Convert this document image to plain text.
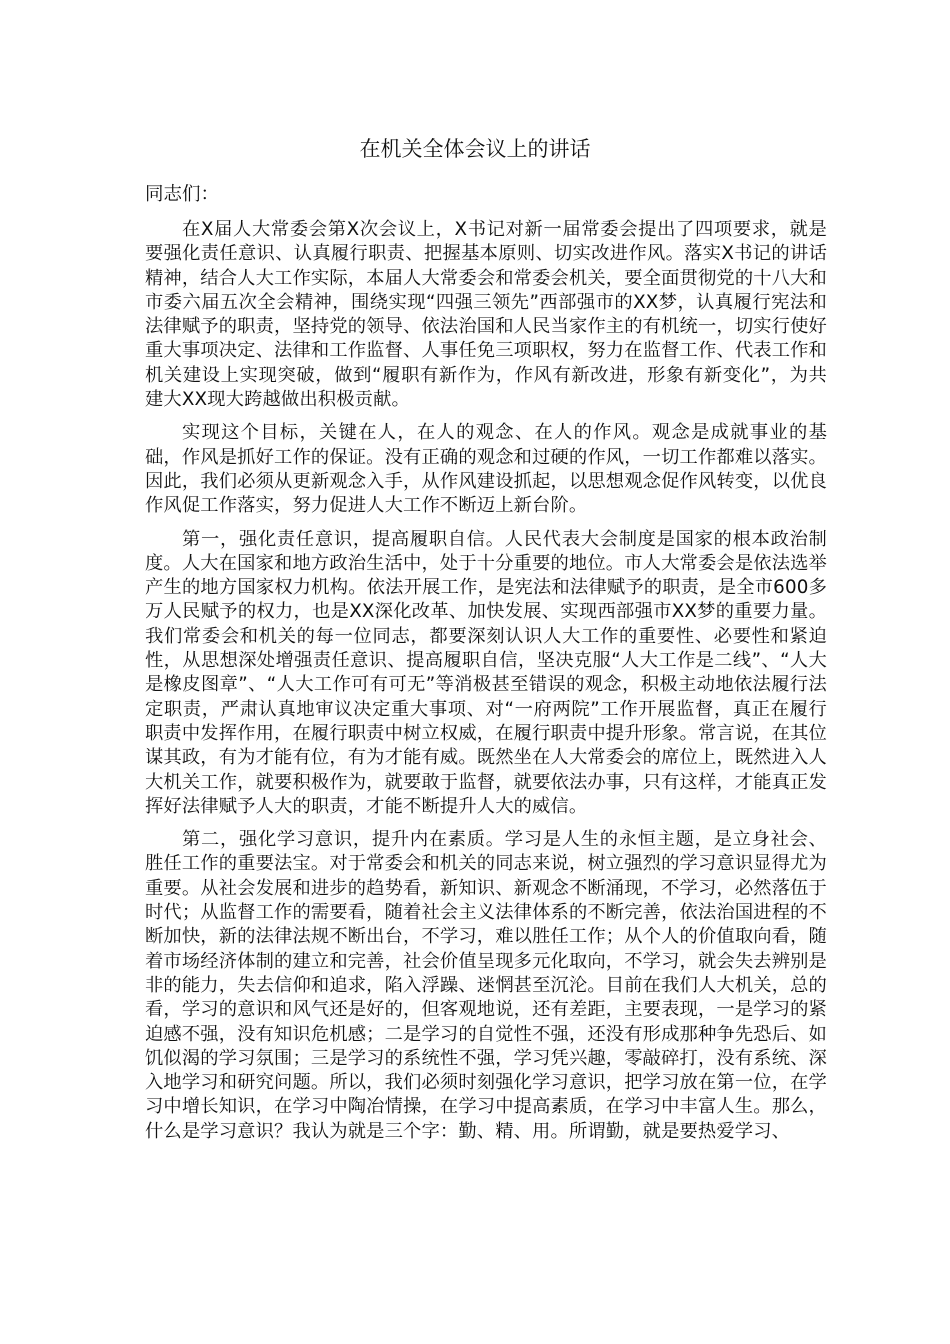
在机关全体会议上的讲话

同志们：

在X届人大常委会第X次会议上，X书记对新一届常委会提出了四项要求，就是要强化责任意识、认真履行职责、把握基本原则、切实改进作风。落实X书记的讲话精神，结合人大工作实际，本届人大常委会和常委会机关，要全面贯彻党的十八大和市委六届五次全会精神，围绕实现“四强三领先”西部强市的XX梦，认真履行宪法和法律赋予的职责，坚持党的领导、依法治国和人民当家作主的有机统一，切实行使好重大事项决定、法律和工作监督、人事任免三项职权，努力在监督工作、代表工作和机关建设上实现突破，做到“履职有新作为，作风有新改进，形象有新变化”，为共建大XX现大跨越做出积极贡献。

实现这个目标，关键在人，在人的观念、在人的作风。观念是成就事业的基础，作风是抓好工作的保证。没有正确的观念和过硬的作风，一切工作都难以落实。因此，我们必须从更新观念入手，从作风建设抓起，以思想观念促作风转变，以优良作风促工作落实，努力促进人大工作不断迈上新台阶。

第一，强化责任意识，提高履职自信。人民代表大会制度是国家的根本政治制度。人大在国家和地方政治生活中，处于十分重要的地位。市人大常委会是依法选举产生的地方国家权力机构。依法开展工作，是宪法和法律赋予的职责，是全市600多万人民赋予的权力，也是XX深化改革、加快发展、实现西部强市XX梦的重要力量。我们常委会和机关的每一位同志，都要深刻认识人大工作的重要性、必要性和紧迫性，从思想深处增强责任意识、提高履职自信，坚决克服“人大工作是二线”、“人大是橡皮图章”、“人大工作可有可无”等消极甚至错误的观念，积极主动地依法履行法定职责，严肃认真地审议决定重大事项、对“一府两院”工作开展监督，真正在履行职责中发挥作用，在履行职责中树立权威，在履行职责中提升形象。常言说，在其位谋其政，有为才能有位，有为才能有威。既然坐在人大常委会的席位上，既然进入人大机关工作，就要积极作为，就要敢于监督，就要依法办事，只有这样，才能真正发挥好法律赋予人大的职责，才能不断提升人大的威信。

第二，强化学习意识，提升内在素质。学习是人生的永恒主题，是立身社会、胜任工作的重要法宝。对于常委会和机关的同志来说，树立强烈的学习意识显得尤为重要。从社会发展和进步的趋势看，新知识、新观念不断涌现，不学习，必然落伍于时代；从监督工作的需要看，随着社会主义法律体系的不断完善，依法治国进程的不断加快，新的法律法规不断出台，不学习，难以胜任工作；从个人的价值取向看，随着市场经济体制的建立和完善，社会价值呈现多元化取向，不学习，就会失去辨别是非的能力，失去信仰和追求，陷入浮躁、迷惘甚至沉沦。目前在我们人大机关，总的看，学习的意识和风气还是好的，但客观地说，还有差距，主要表现，一是学习的紧迫感不强，没有知识危机感；二是学习的自觉性不强，还没有形成那种争先恐后、如饥似渴的学习氛围；三是学习的系统性不强，学习凭兴趣，零敲碎打，没有系统、深入地学习和研究问题。所以，我们必须时刻强化学习意识，把学习放在第一位，在学习中增长知识，在学习中陶冶情操，在学习中提高素质，在学习中丰富人生。那么，什么是学习意识？我认为就是三个字：勤、精、用。所谓勤，就是要热爱学习、
